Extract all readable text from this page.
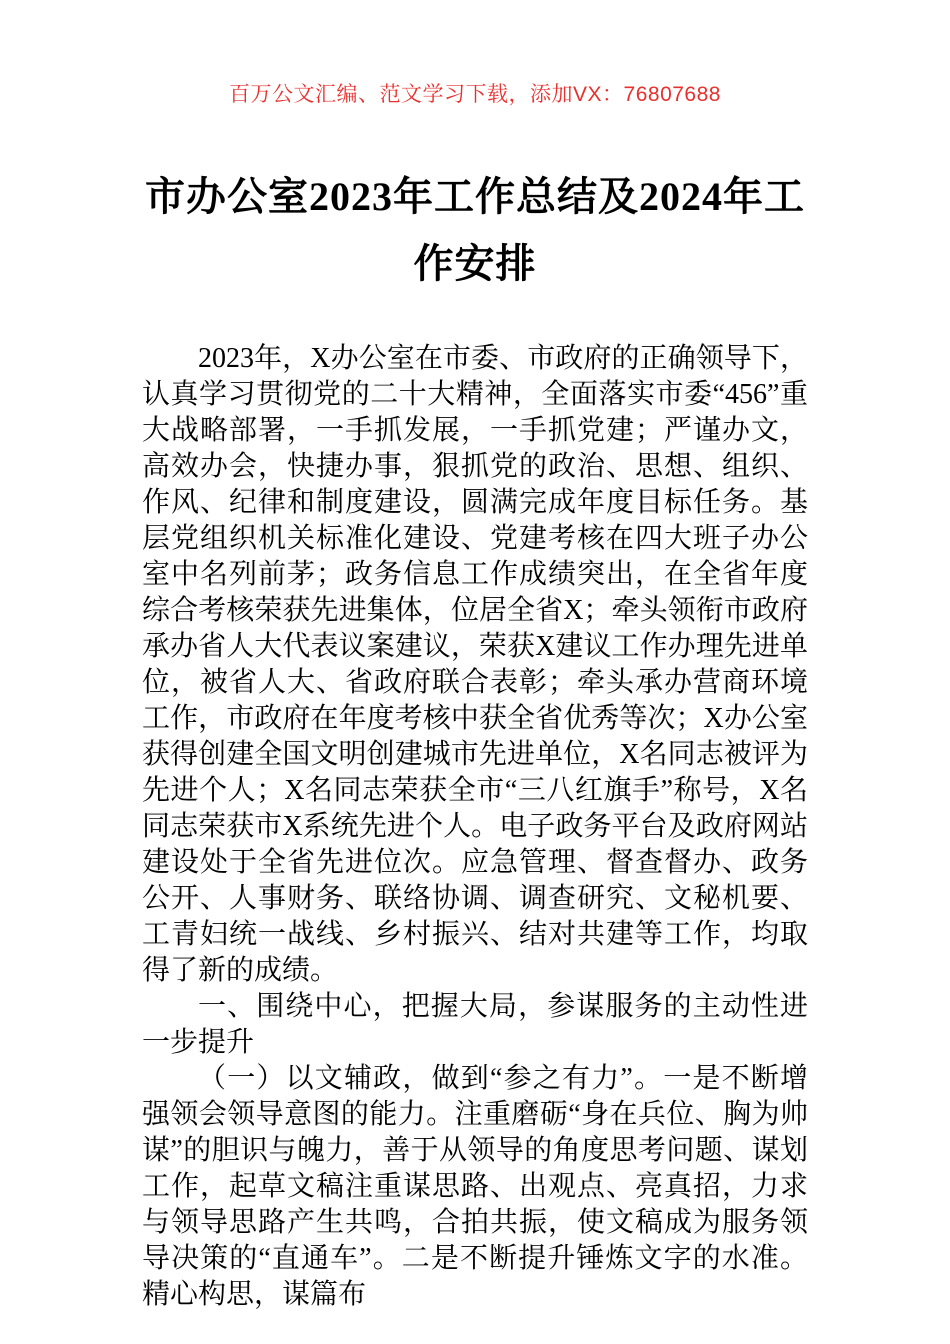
百万公文汇编、范文学习下载，添加VX：76807688
市办公室2023年工作总结及2024年工作安排

2023年，X办公室在市委、市政府的正确领导下，认真学习贯彻党的二十大精神，全面落实市委“456”重大战略部署，一手抓发展，一手抓党建；严谨办文，高效办会，快捷办事，狠抓党的政治、思想、组织、作风、纪律和制度建设，圆满完成年度目标任务。基层党组织机关标准化建设、党建考核在四大班子办公室中名列前茅；政务信息工作成绩突出，在全省年度综合考核荣获先进集体，位居全省X；牵头领衔市政府承办省人大代表议案建议，荣获X建议工作办理先进单位，被省人大、省政府联合表彰；牵头承办营商环境工作，市政府在年度考核中获全省优秀等次；X办公室获得创建全国文明创建城市先进单位，X名同志被评为先进个人；X名同志荣获全市“三八红旗手”称号，X名同志荣获市X系统先进个人。电子政务平台及政府网站建设处于全省先进位次。应急管理、督查督办、政务公开、人事财务、联络协调、调查研究、文秘机要、工青妇统一战线、乡村振兴、结对共建等工作，均取得了新的成绩。

一、围绕中心，把握大局，参谋服务的主动性进一步提升

（一）以文辅政，做到“参之有力”。一是不断增强领会领导意图的能力。注重磨砺“身在兵位、胸为帅谋”的胆识与魄力，善于从领导的角度思考问题、谋划工作，起草文稿注重谋思路、出观点、亮真招，力求与领导思路产生共鸣，合拍共振，使文稿成为服务领导决策的“直通车”。二是不断提升锤炼文字的水准。精心构思，谋篇布
